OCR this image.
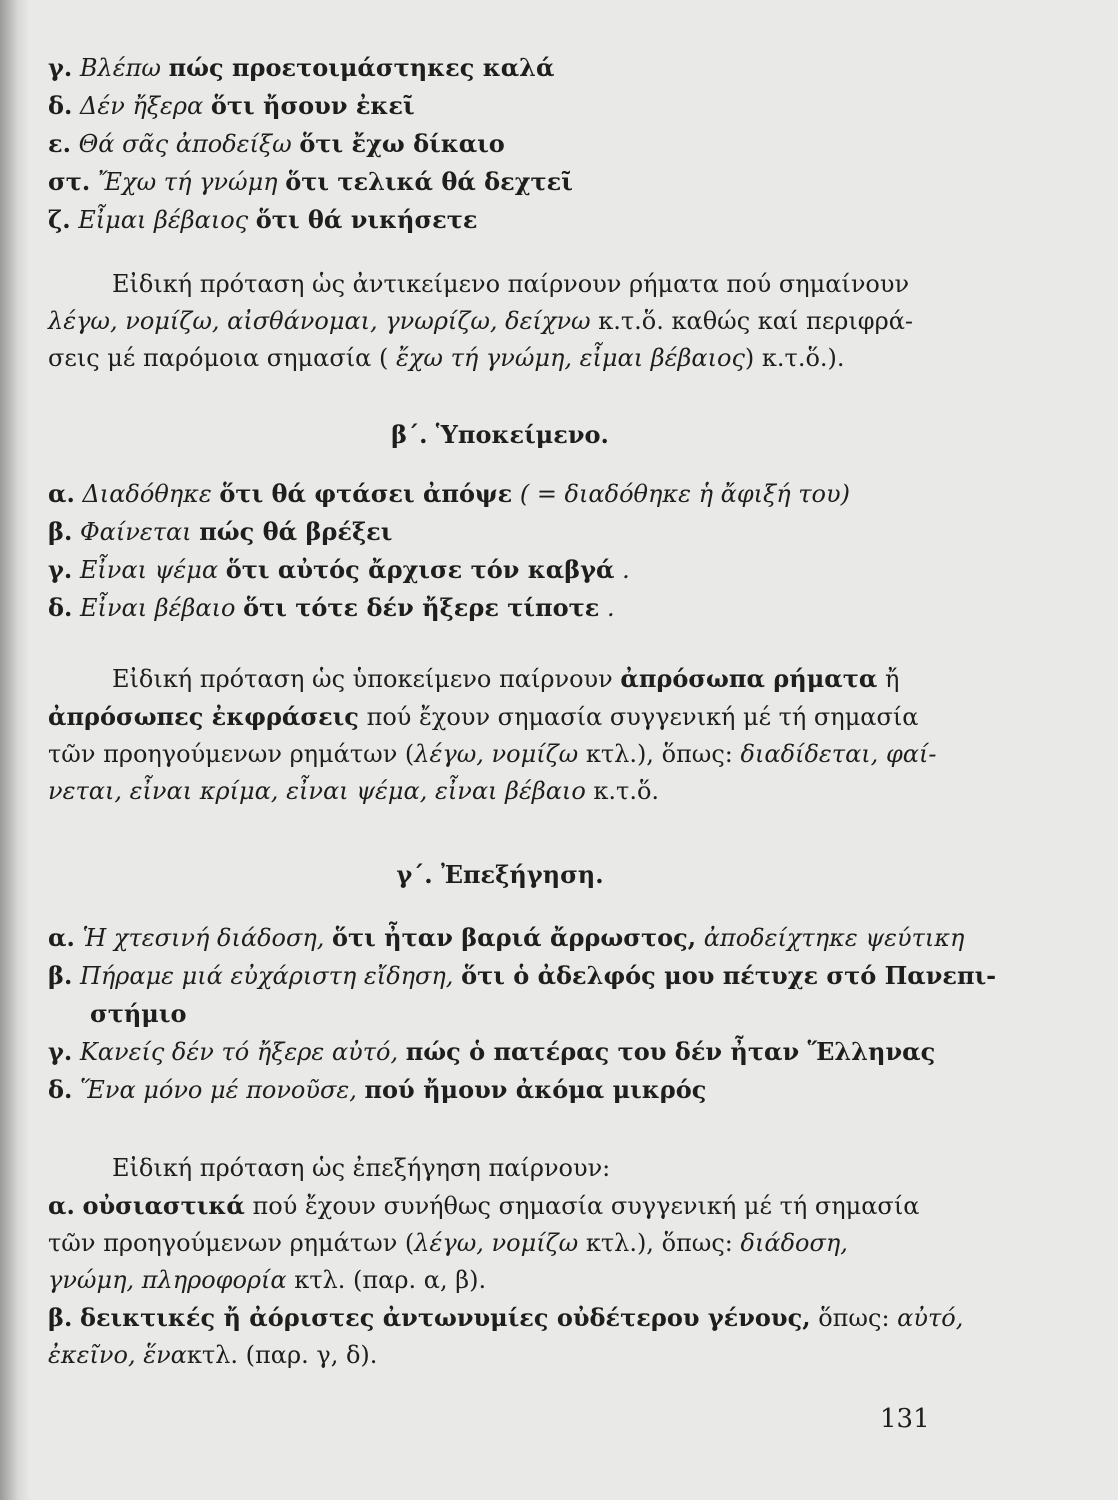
γ. Βλέπω πώς προετοιμάστηκες καλά
δ. Δέν ἤξερα ὅτι ἤσουν ἐκεῖ
ε. Θά σᾶς ἀποδείξω ὅτι ἔχω δίκαιο
στ. Ἔχω τή γνώμη ὅτι τελικά θά δεχτεῖ
ζ. Εἶμαι βέβαιος ὅτι θά νικήσετε
Εἰδική πρόταση ὡς ἀντικείμενο παίρνουν ρήματα πού σημαίνουν
λέγω, νομίζω, αἰσθάνομαι, γνωρίζω, δείχνω κ.τ.ὅ. καθώς καί περιφρά-
σεις μέ παρόμοια σημασία ( ἔχω τή γνώμη, εἶμαι βέβαιος) κ.τ.ὅ.).
β΄. Ὑποκείμενο.
α. Διαδόθηκε ὅτι θά φτάσει ἀπόψε ( = διαδόθηκε ἡ ἄφιξή του)
β. Φαίνεται πώς θά βρέξει
γ. Εἶναι ψέμα ὅτι αὐτός ἄρχισε τόν καβγά .
δ. Εἶναι βέβαιο ὅτι τότε δέν ἤξερε τίποτε .
Εἰδική πρόταση ὡς ὑποκείμενο παίρνουν ἀπρόσωπα ρήματα ἤ
ἀπρόσωπες ἐκφράσεις πού ἔχουν σημασία συγγενική μέ τή σημασία
τῶν προηγούμενων ρημάτων (λέγω, νομίζω κτλ.), ὅπως: διαδίδεται, φαί-
νεται, εἶναι κρίμα, εἶναι ψέμα, εἶναι βέβαιο κ.τ.ὅ.
γ΄. Ἐπεξήγηση.
α. Ἡ χτεσινή διάδοση, ὅτι ἦταν βαριά ἄρρωστος, ἀποδείχτηκε ψεύτικη
β. Πήραμε μιά εὐχάριστη εἴδηση, ὅτι ὁ ἀδελφός μου πέτυχε στό Πανεπι-
στήμιο
γ. Κανείς δέν τό ἤξερε αὐτό, πώς ὁ πατέρας του δέν ἦταν Ἕλληνας
δ. Ἕνα μόνο μέ πονοῦσε, πού ἤμουν ἀκόμα μικρός
Εἰδική πρόταση ὡς ἐπεξήγηση παίρνουν:
α. οὐσιαστικά πού ἔχουν συνήθως σημασία συγγενική μέ τή σημασία
τῶν προηγούμενων ρημάτων (λέγω, νομίζω κτλ.), ὅπως: διάδοση,
γνώμη, πληροφορία κτλ. (παρ. α, β).
β. δεικτικές ἤ ἀόριστες ἀντωνυμίες οὐδέτερου γένους, ὅπως: αὐτό,
ἐκεῖνο, ἕνακτλ. (παρ. γ, δ).
131
